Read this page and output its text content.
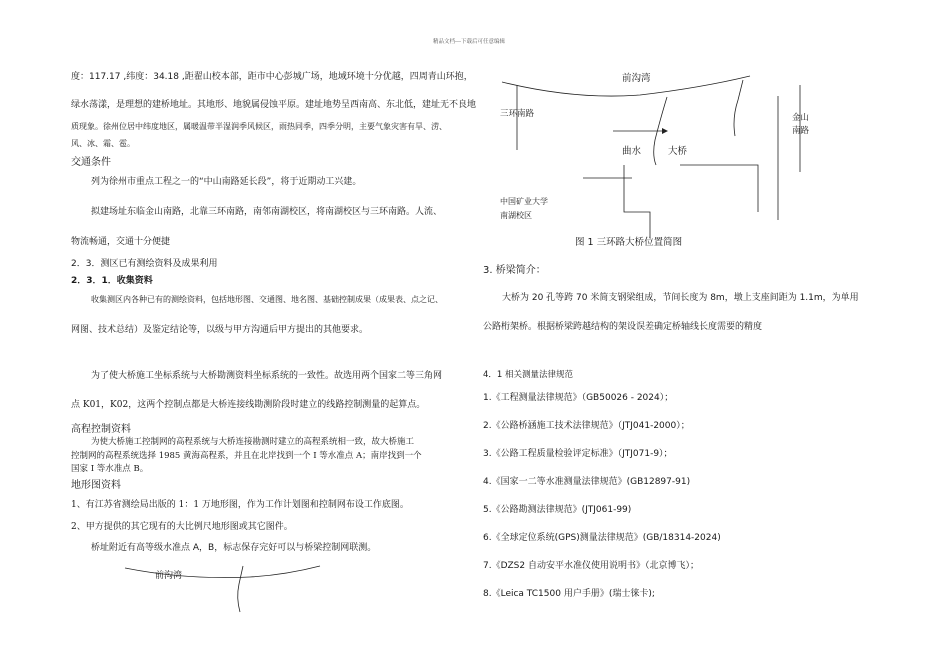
精品文档---下载后可任意编辑
度：117.17 ,纬度：34.18 ,距翟山校本部，距市中心彭城广场，地域环境十分优越，四周青山环抱，
绿水荡漾，是理想的建桥地址。其地形、地貌属侵蚀平原。建址地势呈西南高、东北低，建址无不良地
质现象。徐州位居中纬度地区，属暖温带半湿润季风候区，雨热同季，四季分明，主要气象灾害有旱、涝、
风、冰、霜、雹。
交通条件
列为徐州市重点工程之一的“中山南路延长段”，将于近期动工兴建。
拟建场址东临金山南路，北靠三环南路，南邻南湖校区，将南湖校区与三环南路。人流、
物流畅通，交通十分便捷
2．3．测区已有测绘资料及成果利用
2．3．1．收集资料
收集测区内各种已有的测绘资料，包括地形图、交通图、地名图、基础控制成果（成果表、点之记、
网图、技术总结）及鉴定结论等，以级与甲方沟通后甲方提出的其他要求。
为了使大桥施工坐标系统与大桥勘测资料坐标系统的一致性。故选用两个国家二等三角网
点 K01，K02，这两个控制点都是大桥连接线勘测阶段时建立的线路控制测量的起算点。
高程控制资料
为使大桥施工控制网的高程系统与大桥连接勘测时建立的高程系统相一致，故大桥施工
控制网的高程系统选择 1985 黄海高程系，并且在北岸找到一个 I 等水准点 A；南岸找到一个
国家 I 等水准点 B。
地形图资料
1、有江苏省测绘局出版的 1：1 万地形图，作为工作计划图和控制网布设工作底图。
2、甲方提供的其它现有的大比例尺地形图或其它图件。
桥址附近有高等级水准点 A，B，标志保存完好可以与桥梁控制网联测。
前沟湾
前沟湾
三环南路	金山
南路
曲水	大桥
中国矿业大学
南湖校区
图 1 三环路大桥位置简图
3. 桥梁简介：
大桥为 20 孔等跨 70 米简支钢梁组成，节间长度为 8m，墩上支座间距为 1.1m，为单用
公路桁架桥。根据桥梁跨越结构的架设误差确定桥轴线长度需要的精度
4．1 相关测量法律规范
1.《工程测量法律规范》（GB50026 - 2024）；
2.《公路桥涵施工技术法律规范》（JTJ041-2000）；
3.《公路工程质量检验评定标准》（JTJ071-9）；
4.《国家一二等水准测量法律规范》(GB12897-91)
5.《公路勘测法律规范》(JTJ061-99)
6.《全球定位系统(GPS)测量法律规范》(GB/18314-2024)
7.《DZS2 自动安平水准仪使用说明书》（北京博飞）；
8.《Leica TC1500 用户手册》(瑞士徕卡);
